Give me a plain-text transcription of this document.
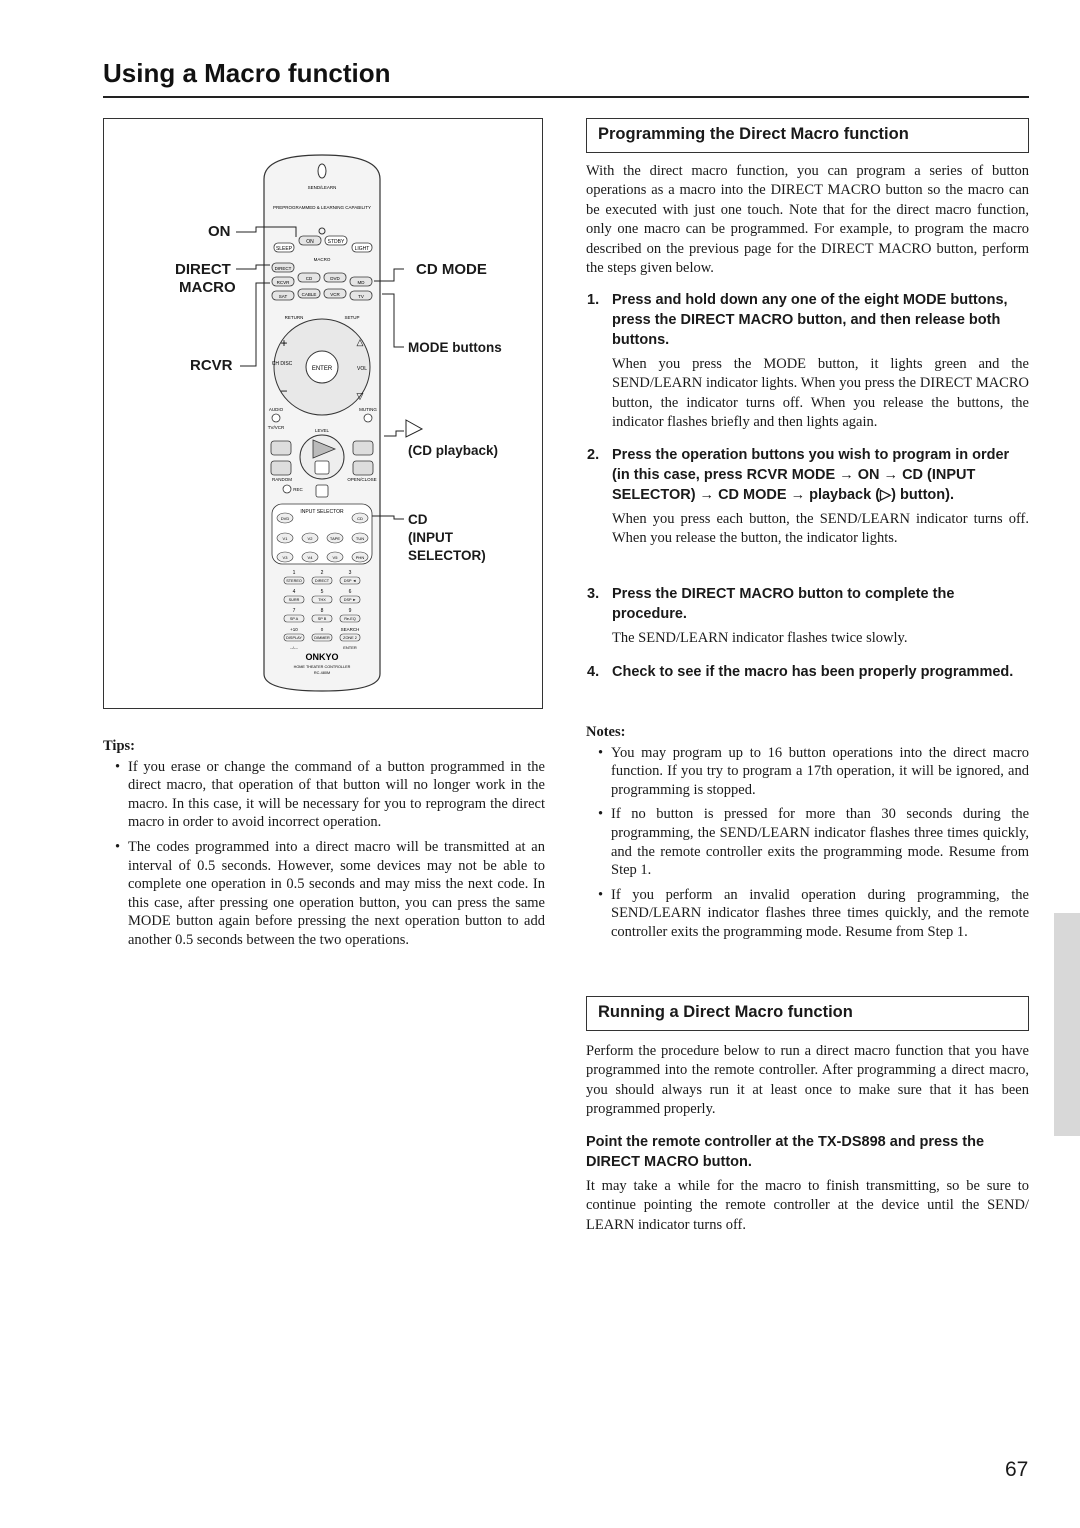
Using a Macro function
SEND/LEARN
PREPROGRAMMED & LEARNING CAPABILITY
ON	STDBY
SLEEP	LIGHT
MACRO
DIRECT
RCVR
CD	DVD
MD
SAT	CABLE	VCR	TV
RETURN	SETUP
ENTER
CH DISC
VOL
+
−
△
▽
AUDIO	MUTING
TV/VCR
LEVEL
RANDOM	OPEN/CLOSE
REC
INPUT SELECTOR
DVD	CD
V1	V2	TAPE	TUN
V3	V4	V5	PHN
1	2	3
STEREO	DIRECT	DSP ◄
4	5	6
SURR	THX	DSP ►
7	8	9
SP A	SP B	Re-EQ
+10	0	SEARCH
DISPLAY	DIMMER	ZONE 2
--/---	ENTER
ONKYO
HOME THEATER CONTROLLER
RC-480M
ON
DIRECT
MACRO
RCVR
CD MODE
MODE buttons
(CD playback)
CD
(INPUT
SELECTOR)
Tips:
• If you erase or change the command of a button programmed in the direct macro, that operation of that button will no longer work in the macro. In this case, it will be necessary for you to reprogram the direct macro in order to avoid incorrect operation.
• The codes programmed into a direct macro will be transmitted at an interval of 0.5 seconds. However, some devices may not be able to complete one operation in 0.5 seconds and may miss the next code. In this case, after pressing one operation button, you can press the same MODE button again before pressing the next operation button to add another 0.5 seconds between the two operations.
Programming the Direct Macro function

With the direct macro function, you can program a series of button operations as a macro into the DIRECT MACRO button so the macro can be executed with just one touch. Note that for the direct macro function, only one macro can be programmed. For example, to program the macro described on the previous page for the DIRECT MACRO button, perform the steps given below.

1. Press and hold down any one of the eight MODE buttons, press the DIRECT MACRO button, and then release both buttons.
When you press the MODE button, it lights green and the SEND/LEARN indicator lights. When you press the DIRECT MACRO button, the indicator turns off. When you release the buttons, the indicator flashes briefly and then lights again.
2. Press the operation buttons you wish to program in order (in this case, press RCVR MODE → ON → CD (INPUT SELECTOR) → CD MODE → playback (▷) button).
When you press each button, the SEND/LEARN indicator turns off. When you release the button, the indicator lights.
3. Press the DIRECT MACRO button to complete the procedure.
The SEND/LEARN indicator flashes twice slowly.
4. Check to see if the macro has been properly programmed.
Notes:
• You may program up to 16 button operations into the direct macro function. If you try to program a 17th operation, it will be ignored, and programming is stopped.
• If no button is pressed for more than 30 seconds during the programming, the SEND/LEARN indicator flashes three times quickly, and the remote controller exits the programming mode. Resume from Step 1.
• If you perform an invalid operation during programming, the SEND/LEARN indicator flashes three times quickly, and the remote controller exits the programming mode. Resume from Step 1.
Running a Direct Macro function

Perform the procedure below to run a direct macro function that you have programmed into the remote controller. After programming a direct macro, you should always run it at least once to make sure that it has been programmed properly.

Point the remote controller at the TX-DS898 and press the DIRECT MACRO button.

It may take a while for the macro to finish transmitting, so be sure to continue pointing the remote controller at the device until the SEND/ LEARN indicator turns off.

67
